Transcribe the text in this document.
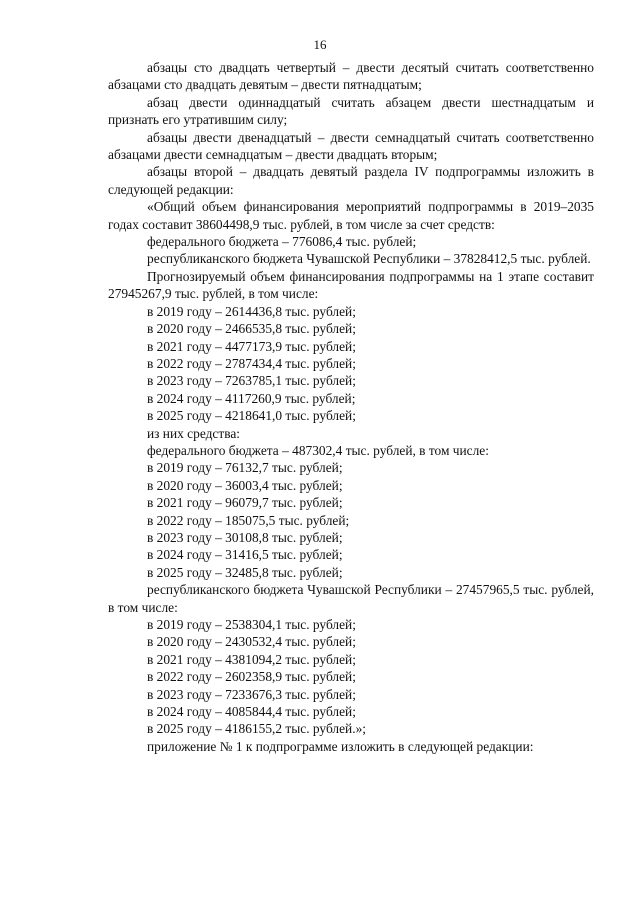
16

абзацы сто двадцать четвертый – двести десятый считать соответственно абзацами сто двадцать девятым – двести пятнадцатым;

абзац двести одиннадцатый считать абзацем двести шестнадцатым и признать его утратившим силу;

абзацы двести двенадцатый – двести семнадцатый считать соответственно абзацами двести семнадцатым – двести двадцать вторым;

абзацы второй – двадцать девятый раздела IV подпрограммы изложить в следующей редакции:

«Общий объем финансирования мероприятий подпрограммы в 2019–2035 годах составит 38604498,9 тыс. рублей, в том числе за счет средств:

федерального бюджета – 776086,4 тыс. рублей;

республиканского бюджета Чувашской Республики – 37828412,5 тыс. рублей.

Прогнозируемый объем финансирования подпрограммы на 1 этапе составит 27945267,9 тыс. рублей, в том числе:

в 2019 году – 2614436,8 тыс. рублей;

в 2020 году – 2466535,8 тыс. рублей;

в 2021 году – 4477173,9 тыс. рублей;

в 2022 году – 2787434,4 тыс. рублей;

в 2023 году – 7263785,1 тыс. рублей;

в 2024 году – 4117260,9 тыс. рублей;

в 2025 году – 4218641,0 тыс. рублей;

из них средства:

федерального бюджета – 487302,4 тыс. рублей, в том числе:

в 2019 году – 76132,7 тыс. рублей;

в 2020 году – 36003,4 тыс. рублей;

в 2021 году – 96079,7 тыс. рублей;

в 2022 году – 185075,5 тыс. рублей;

в 2023 году – 30108,8 тыс. рублей;

в 2024 году – 31416,5 тыс. рублей;

в 2025 году – 32485,8 тыс. рублей;

республиканского бюджета Чувашской Республики – 27457965,5 тыс. рублей, в том числе:

в 2019 году – 2538304,1 тыс. рублей;

в 2020 году – 2430532,4 тыс. рублей;

в 2021 году – 4381094,2 тыс. рублей;

в 2022 году – 2602358,9 тыс. рублей;

в 2023 году – 7233676,3 тыс. рублей;

в 2024 году – 4085844,4 тыс. рублей;

в 2025 году – 4186155,2 тыс. рублей.»;

приложение № 1 к подпрограмме изложить в следующей редакции:
